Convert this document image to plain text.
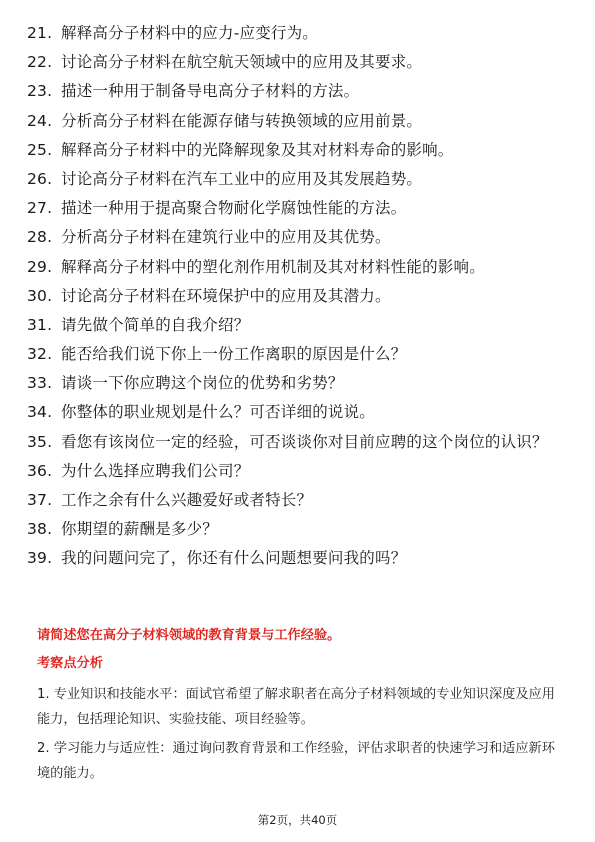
21. 解释高分子材料中的应力-应变行为。
22. 讨论高分子材料在航空航天领域中的应用及其要求。
23. 描述一种用于制备导电高分子材料的方法。
24. 分析高分子材料在能源存储与转换领域的应用前景。
25. 解释高分子材料中的光降解现象及其对材料寿命的影响。
26. 讨论高分子材料在汽车工业中的应用及其发展趋势。
27. 描述一种用于提高聚合物耐化学腐蚀性能的方法。
28. 分析高分子材料在建筑行业中的应用及其优势。
29. 解释高分子材料中的塑化剂作用机制及其对材料性能的影响。
30. 讨论高分子材料在环境保护中的应用及其潜力。
31. 请先做个简单的自我介绍？
32. 能否给我们说下你上一份工作离职的原因是什么？
33. 请谈一下你应聘这个岗位的优势和劣势？
34. 你整体的职业规划是什么？可否详细的说说。
35. 看您有该岗位一定的经验，可否谈谈你对目前应聘的这个岗位的认识？
36. 为什么选择应聘我们公司？
37. 工作之余有什么兴趣爱好或者特长？
38. 你期望的薪酬是多少？
39. 我的问题问完了，你还有什么问题想要问我的吗？

请简述您在高分子材料领域的教育背景与工作经验。

考察点分析

1. 专业知识和技能水平：面试官希望了解求职者在高分子材料领域的专业知识深度及应用能力，包括理论知识、实验技能、项目经验等。

2. 学习能力与适应性：通过询问教育背景和工作经验，评估求职者的快速学习和适应新环境的能力。

第2页，共40页
